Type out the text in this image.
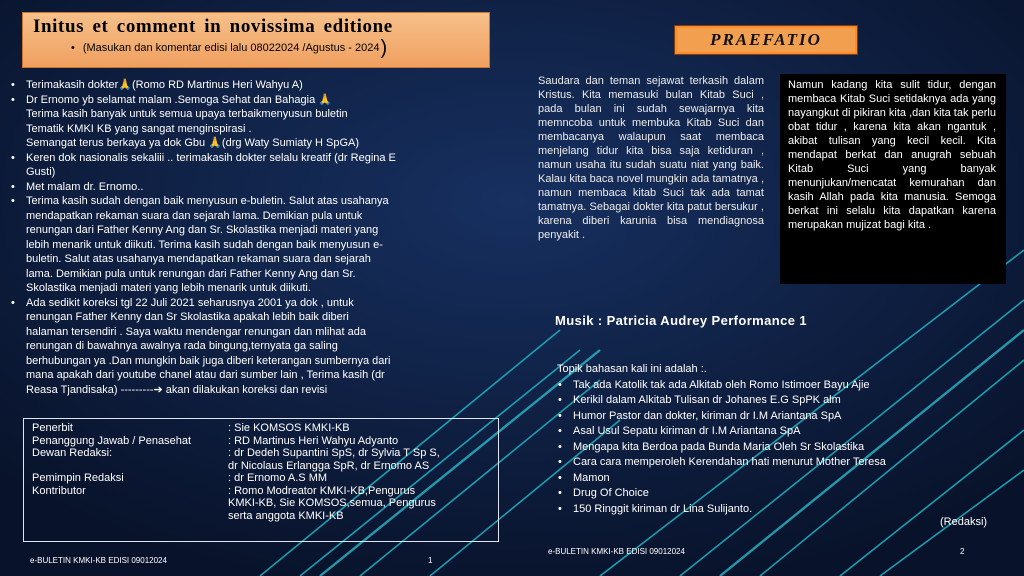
Initus et comment in novissima editione
• (Masukan dan komentar edisi lalu 08022024 /Agustus - 2024 )
• Terimakasih dokter🙏(Romo RD Martinus Heri Wahyu A)
• Dr Ernomo yb selamat malam .Semoga Sehat dan Bahagia 🙏
Terima kasih banyak untuk semua upaya terbaikmenyusun buletin
Tematik KMKI KB yang sangat menginspirasi .
Semangat terus berkaya ya dok Gbu 🙏(drg Waty Sumiaty H SpGA)
• Keren dok nasionalis sekaliii .. terimakasih dokter selalu kreatif (dr Regina E
Gusti)
• Met malam dr. Ernomo..
• Terima kasih sudah dengan baik menyusun e-buletin. Salut atas usahanya
mendapatkan rekaman suara dan sejarah lama. Demikian pula untuk
renungan dari Father Kenny Ang dan Sr. Skolastika menjadi materi yang
lebih menarik untuk diikuti. Terima kasih sudah dengan baik menyusun e-
buletin. Salut atas usahanya mendapatkan rekaman suara dan sejarah
lama. Demikian pula untuk renungan dari Father Kenny Ang dan Sr.
Skolastika menjadi materi yang lebih menarik untuk diikuti.
• Ada sedikit koreksi tgl 22 Juli 2021 seharusnya 2001 ya dok , untuk
renungan Father Kenny dan Sr Skolastika apakah lebih baik diberi
halaman tersendiri . Saya waktu mendengar renungan dan mlihat ada
renungan di bawahnya awalnya rada bingung,ternyata ga saling
berhubungan ya .Dan mungkin baik juga diberi keterangan sumbernya dari
mana apakah dari youtube chanel atau dari sumber lain , Terima kasih (dr
Reasa Tjandisaka) ---------➔ akan dilakukan koreksi dan revisi
Penerbit	: Sie KOMSOS KMKI-KB
Penanggung Jawab / Penasehat	: RD Martinus Heri Wahyu Adyanto
Dewan Redaksi:	: dr Dedeh Supantini SpS, dr Sylvia T Sp S,
dr Nicolaus Erlangga SpR, dr Ernomo AS
Pemimpin Redaksi	: dr Ernomo A.S MM
Kontributor	: Romo Modreator KMKI-KB,Pengurus
KMKI-KB, Sie KOMSOS,semua, Pengurus
serta anggota KMKI-KB
e-BULETIN KMKI-KB EDISI 09012024	1
PRAEFATIO
Saudara dan teman sejawat terkasih dalam Kristus. Kita memasuki bulan Kitab Suci , pada bulan ini sudah sewajarnya kita memncoba untuk membuka Kitab Suci dan membacanya walaupun saat membaca menjelang tidur kita bisa saja ketiduran , namun usaha itu sudah suatu niat yang baik. Kalau kita baca novel mungkin ada tamatnya , namun membaca kitab Suci tak ada tamat tamatnya. Sebagai dokter kita patut bersukur , karena diberi karunia bisa mendiagnosa penyakit .
Namun kadang kita sulit tidur, dengan membaca Kitab Suci setidaknya ada yang nayangkut di pikiran kita ,dan kita tak perlu obat tidur , karena kita akan ngantuk , akibat tulisan yang kecil kecil. Kita mendapat berkat dan anugrah sebuah Kitab Suci yang banyak menunjukan/mencatat kemurahan dan kasih Allah pada kita manusia. Semoga berkat ini selalu kita dapatkan karena merupakan mujizat bagi kita .
Musik : Patricia Audrey Performance 1
Topik bahasan kali ini adalah :.
• Tak ada Katolik tak ada Alkitab oleh Romo Istimoer Bayu Ajie
• Kerikil dalam Alkitab Tulisan dr Johanes E.G SpPK alm
• Humor Pastor dan dokter, kiriman dr I.M Ariantana SpA
• Asal Usul Sepatu kiriman dr I.M Ariantana SpA
• Mengapa kita Berdoa pada Bunda Maria Oleh Sr Skolastika
• Cara cara memperoleh Kerendahan hati menurut Mother Teresa
• Mamon
• Drug Of Choice
• 150 Ringgit kiriman dr Lina Sulijanto.
(Redaksi)
e-BULETIN KMKI-KB EDISI 09012024	2
